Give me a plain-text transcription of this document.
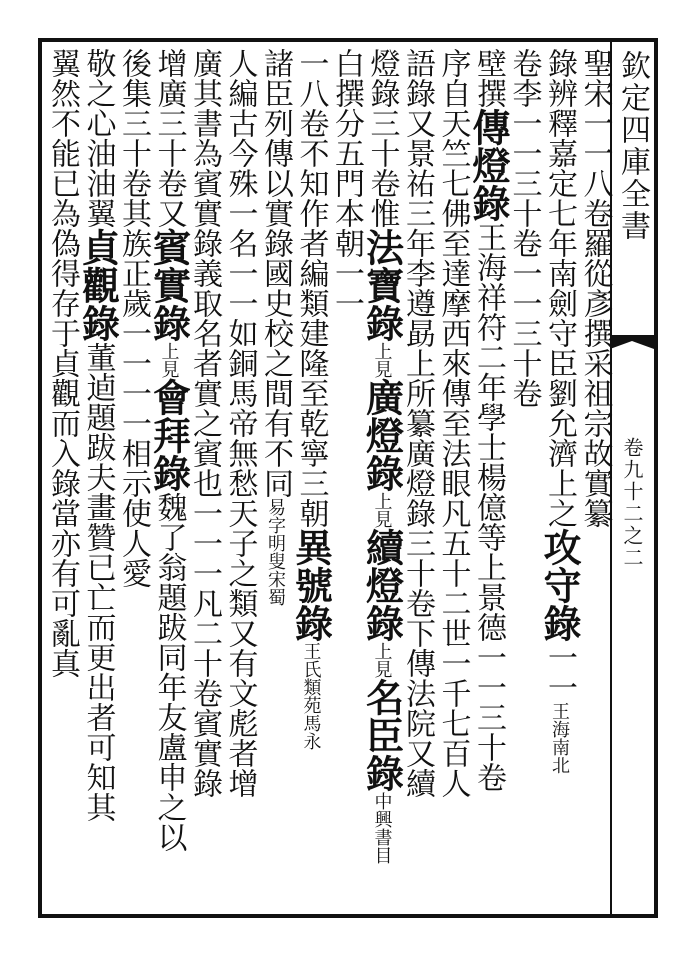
欽定四庫全書
卷九十二之二
聖宋一一八卷羅從彥撰采祖宗故實纂
錄辨釋嘉定七年南劍守臣劉允濟上之攻守錄一一王海南北
卷李一一三十卷一一三十卷
壁撰傳燈錄王海祥符二年學士楊億等上景德一一三十卷
序自天竺七佛至達摩西來傳至法眼凡五十二世一千七百人
語錄又景祐三年李遵勗上所纂廣燈錄三十卷下傳法院又續
燈錄三十卷惟法寶錄上見廣燈錄上見續燈錄上見名臣錄中興書目
白撰分五門本朝一一
一八卷不知作者編類建隆至乾寧三朝異號錄王氏類苑馬永
諸臣列傳以實錄國史校之間有不同易字明叟宋蜀
人編古今殊一名一一如銅馬帝無愁天子之類又有文彪者增
廣其書為賓實錄義取名者實之賓也一一一凡二十卷賓實錄
增廣三十卷又賓實錄上見會拜錄魏了翁題跋同年友盧申之以
後集三十卷其族正歲一一一一相示使人愛
敬之心油油翼貞觀錄董逌題跋夫畫贊已亡而更出者可知其
翼然不能已為偽得存于貞觀而入錄當亦有可亂真
